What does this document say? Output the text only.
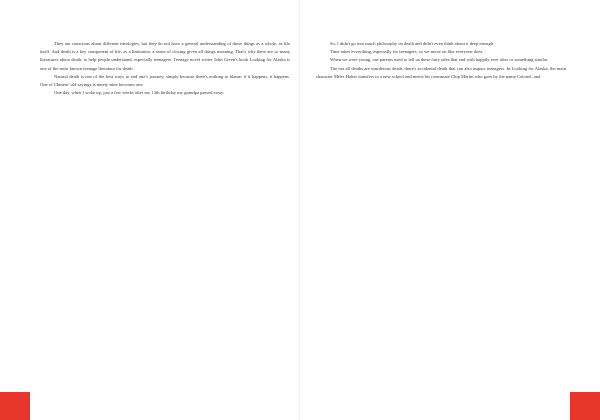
They are conscious about different ideologies, but they do not have a general understanding of those things as a whole, as life itself. And death is a key component of life, as a limitation, a sense of closing given all things meaning. That's why there are so many literatures about death, to help people understand, especially teenagers. Teenage novel writer John Green's book Looking for Alaska is one of the most known teenage literature for death.

Natural death is one of the best ways to end one's journey, simply because there's nothing to blame; if it happens, it happens. One of Chinese' old sayings is ninety-nine becomes one.

One day, when I woke up, just a few weeks after my 13th birthday my grandpa passed away.

So, I didn't go into much philosophy on death and didn't even think about it deep enough.

Time takes everything, especially for teenagers, so we move on like everyone does.

When we were young, our parents used to tell us these fairy tales that end with happily ever after or something similar.

The not all deaths are murderous death, there's accidental death that can also impact teenagers. In Looking for Alaska, the main character Miles Halter transfers to a new school and meets his roommate Chip Martin who goes by the name Colonel, and
